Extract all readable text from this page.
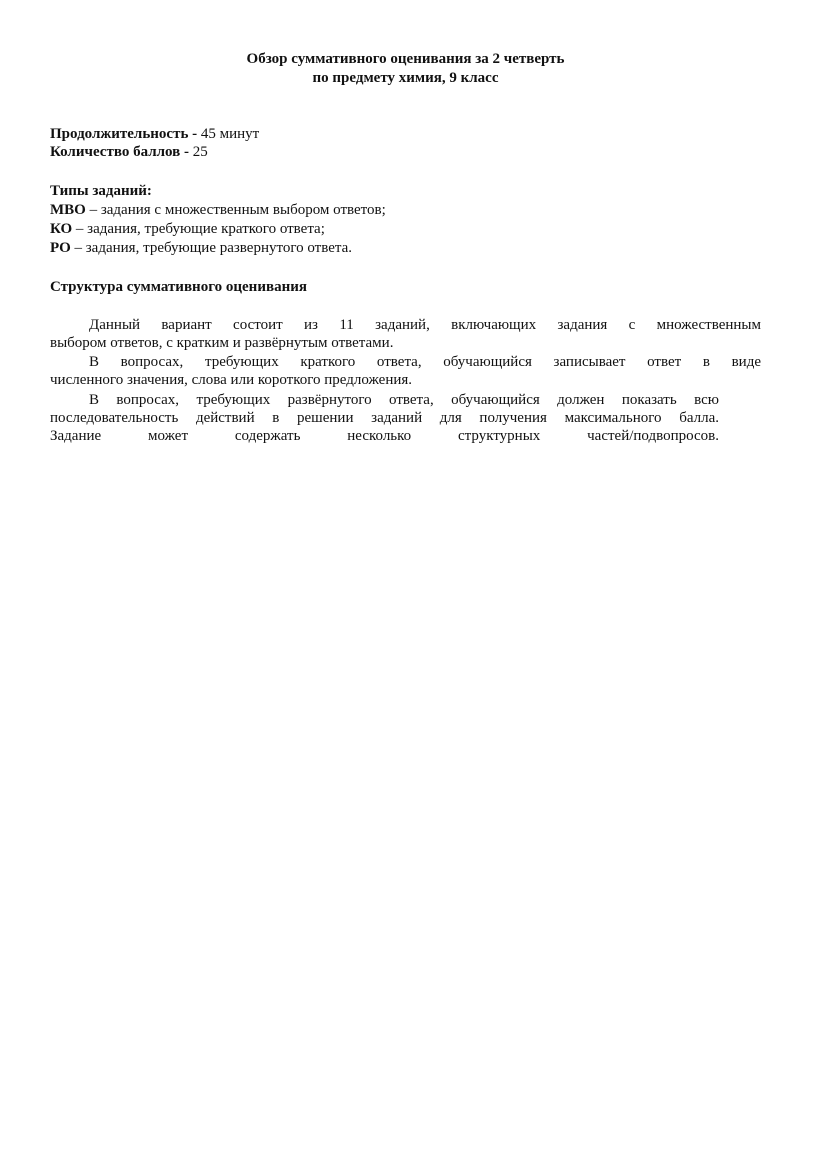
Обзор суммативного оценивания за 2 четверть
по предмету химия, 9 класс
Продолжительность - 45 минут
Количество баллов - 25
Типы заданий:
МВО – задания с множественным выбором ответов;
КО – задания, требующие краткого ответа;
РО – задания, требующие развернутого ответа.
Структура суммативного оценивания
Данный вариант состоит из 11 заданий, включающих задания с множественным
выбором ответов, с кратким и развёрнутым ответами.
В вопросах, требующих краткого ответа, обучающийся записывает ответ в виде
численного значения, слова или короткого предложения.
В вопросах, требующих развёрнутого ответа, обучающийся должен показать всю
последовательность действий в решении заданий для получения максимального балла.
Задание может содержать несколько структурных частей/подвопросов.
